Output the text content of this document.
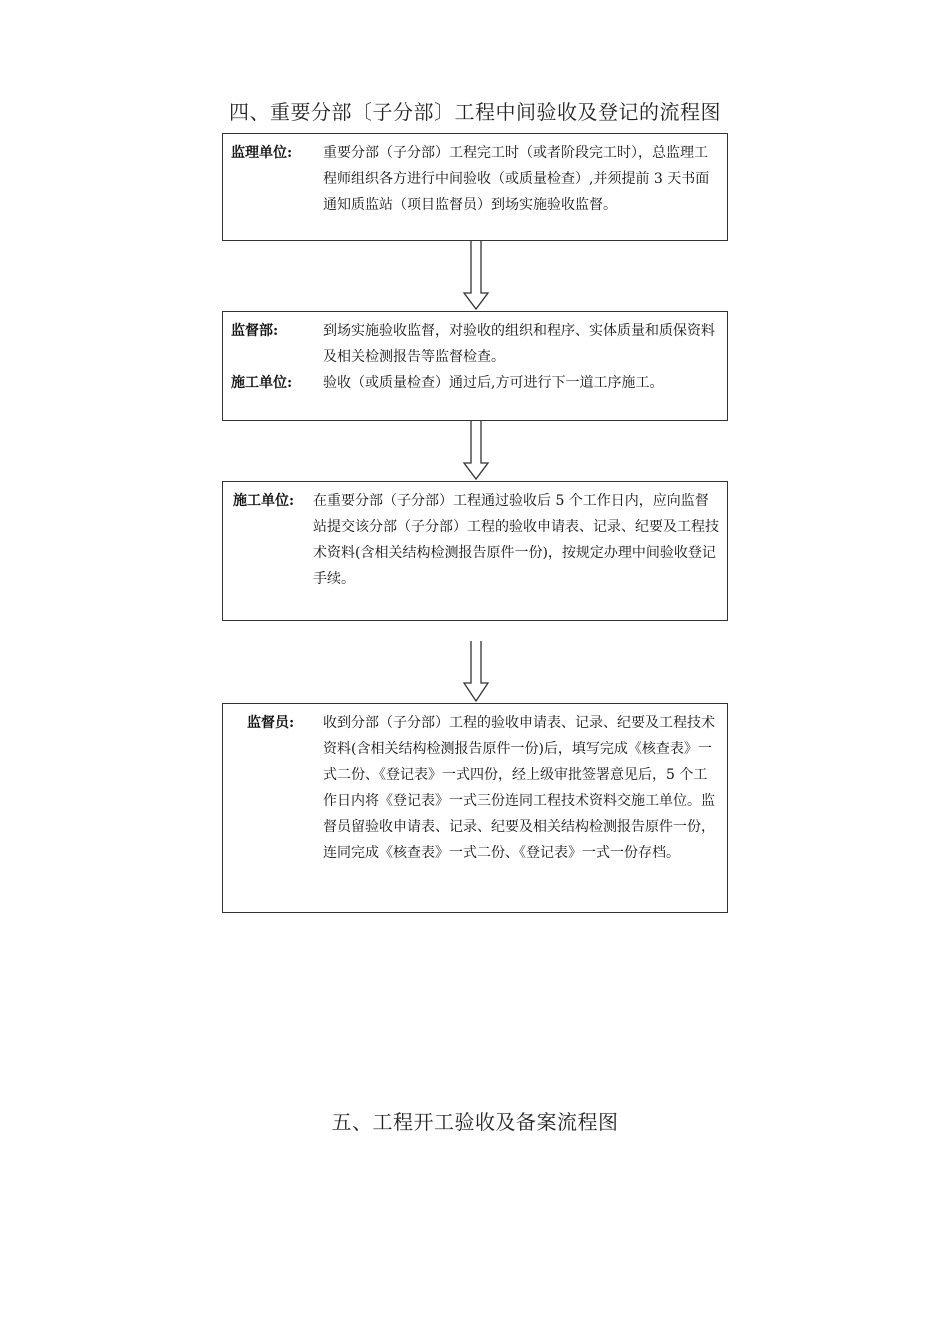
四、重要分部〔子分部〕工程中间验收及登记的流程图
监理单位: 重要分部（子分部）工程完工时（或者阶段完工时），总监理工程师组织各方进行中间验收（或质量检查）,并须提前 3 天书面通知质监站（项目监督员）到场实施验收监督。
监督部:	到场实施验收监督，对验收的组织和程序、实体质量和质保资料及相关检测报告等监督检查。
施工单位: 验收（或质量检查）通过后,方可进行下一道工序施工。
施工单位: 在重要分部（子分部）工程通过验收后 5 个工作日内，应向监督站提交该分部（子分部）工程的验收申请表、记录、纪要及工程技术资料(含相关结构检测报告原件一份)，按规定办理中间验收登记手续。
监督员: 收到分部（子分部）工程的验收申请表、记录、纪要及工程技术资料(含相关结构检测报告原件一份)后，填写完成《核查表》一式二份、《登记表》一式四份，经上级审批签署意见后，5 个工作日内将《登记表》一式三份连同工程技术资料交施工单位。监督员留验收申请表、记录、纪要及相关结构检测报告原件一份，连同完成《核查表》一式二份、《登记表》一式一份存档。
五、工程开工验收及备案流程图
